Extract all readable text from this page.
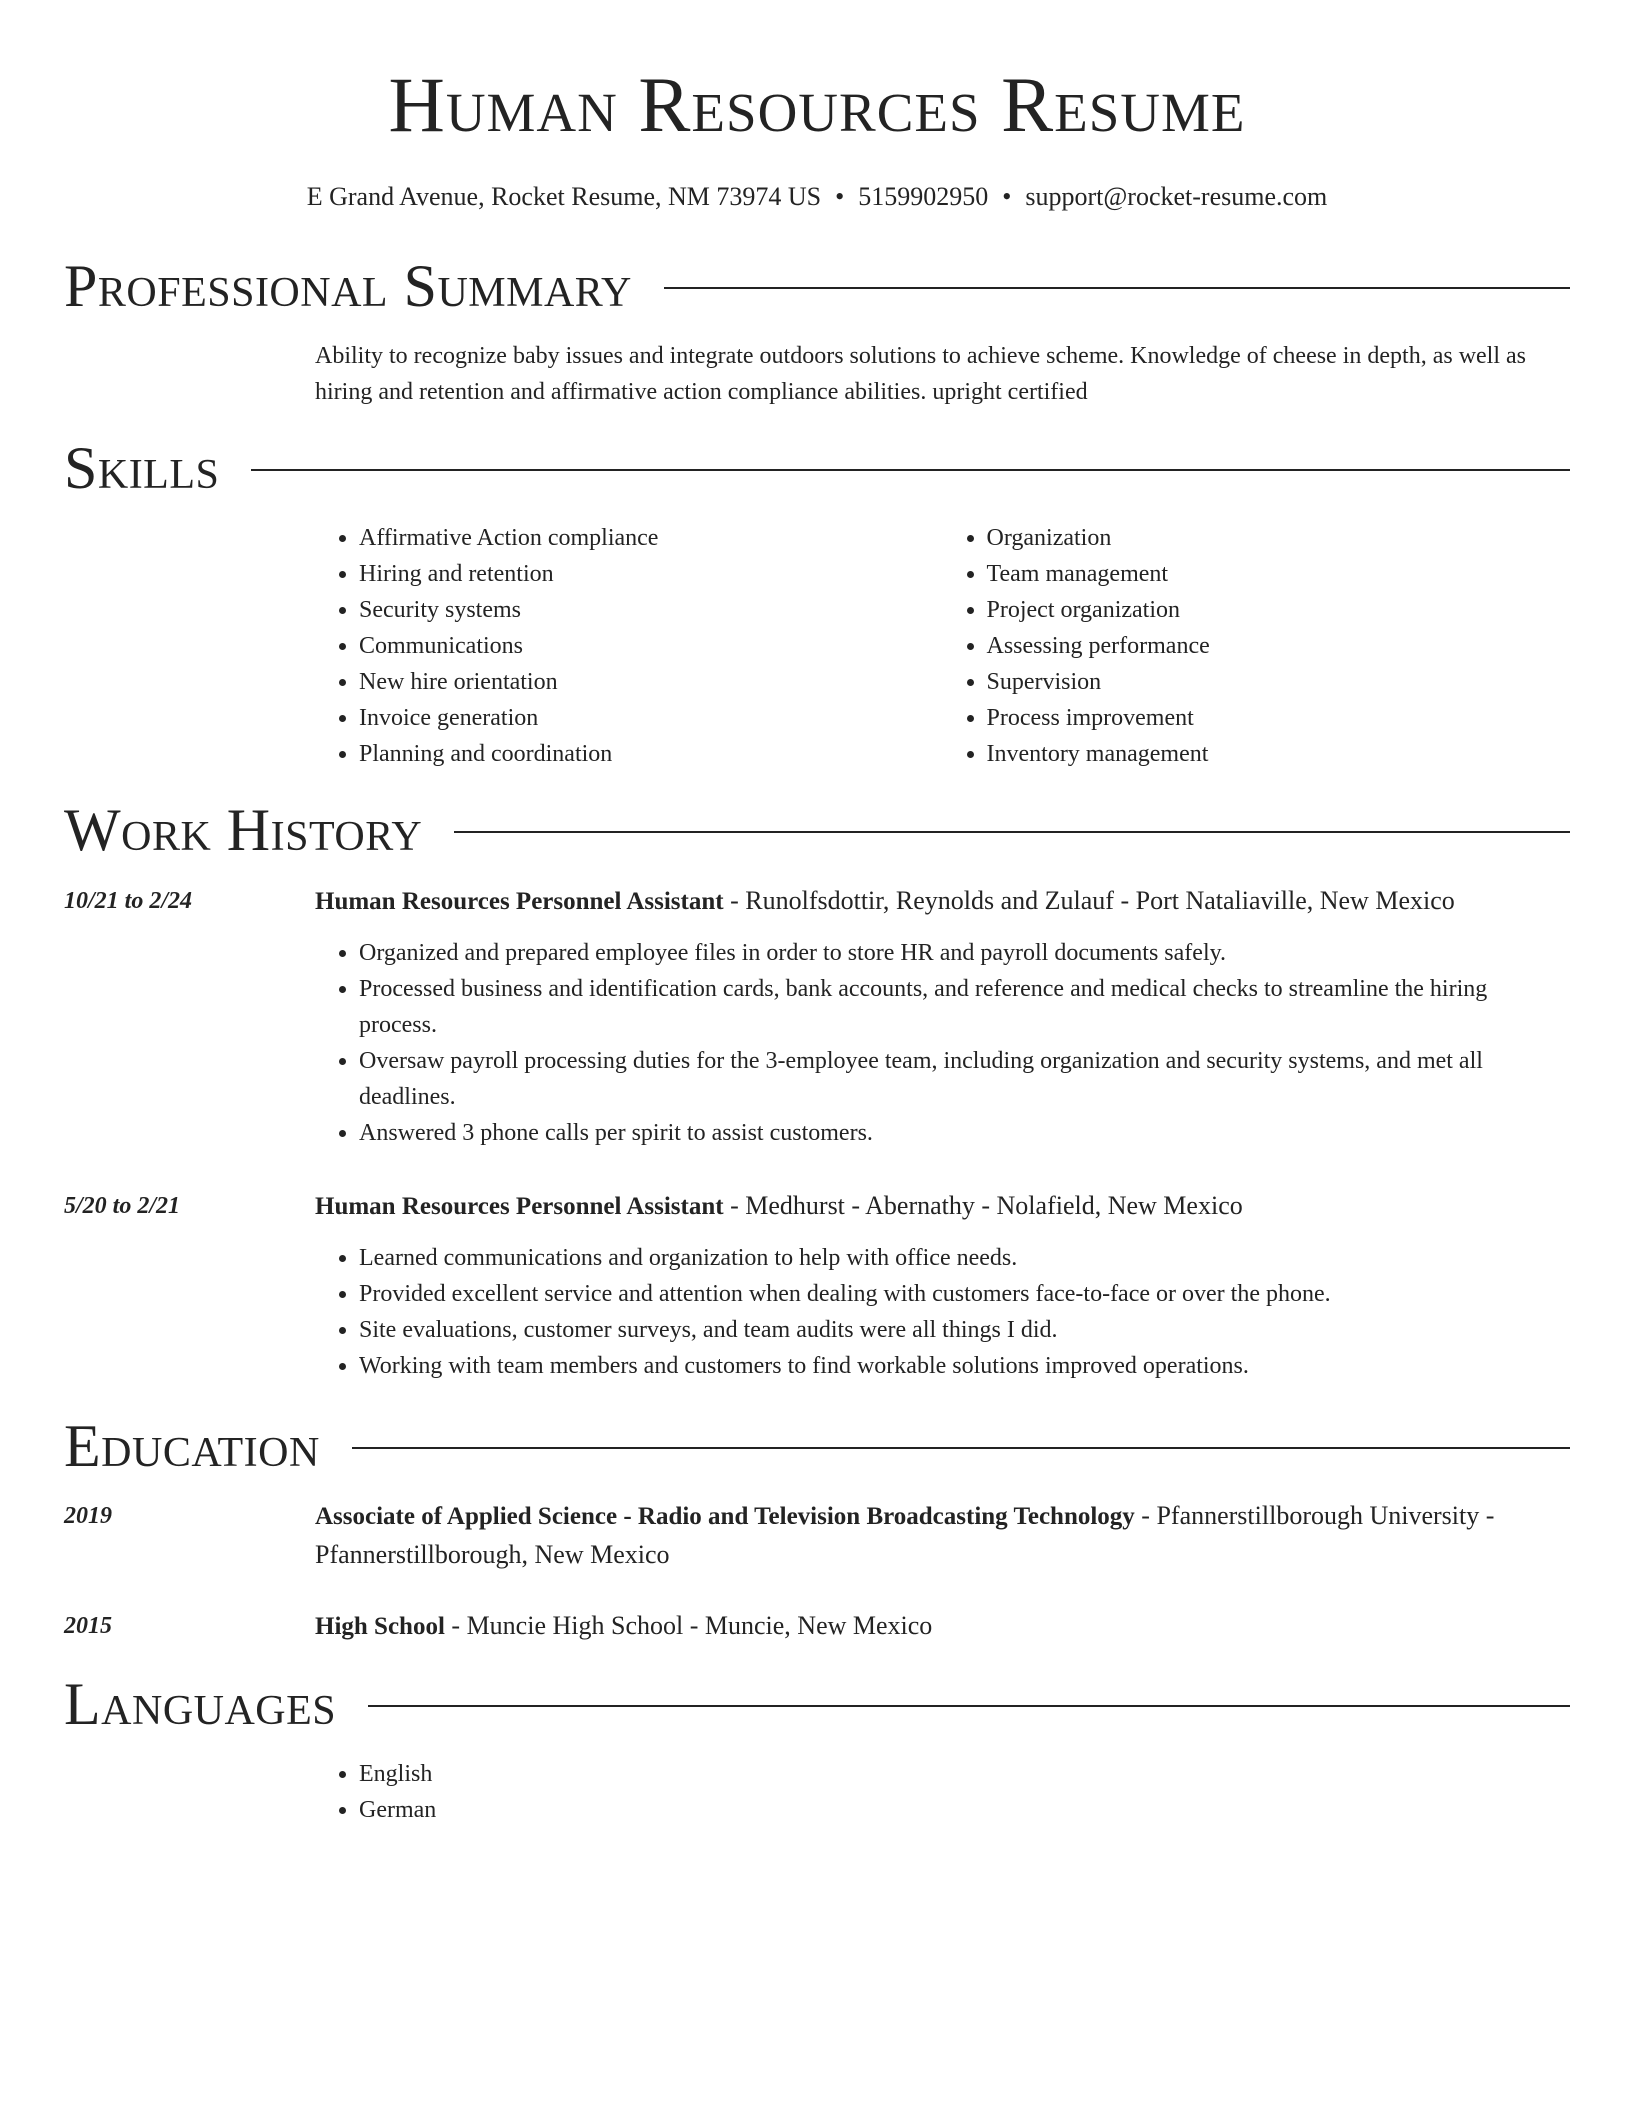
Human Resources Resume
E Grand Avenue, Rocket Resume, NM 73974 US • 5159902950 • support@rocket-resume.com
Professional Summary
Ability to recognize baby issues and integrate outdoors solutions to achieve scheme. Knowledge of cheese in depth, as well as hiring and retention and affirmative action compliance abilities. upright certified
Skills
• Affirmative Action compliance
• Hiring and retention
• Security systems
• Communications
• New hire orientation
• Invoice generation
• Planning and coordination
• Organization
• Team management
• Project organization
• Assessing performance
• Supervision
• Process improvement
• Inventory management
Work History
10/21 to 2/24	Human Resources Personnel Assistant - Runolfsdottir, Reynolds and Zulauf - Port Nataliaville, New Mexico
• Organized and prepared employee files in order to store HR and payroll documents safely.
• Processed business and identification cards, bank accounts, and reference and medical checks to streamline the hiring process.
• Oversaw payroll processing duties for the 3-employee team, including organization and security systems, and met all deadlines.
• Answered 3 phone calls per spirit to assist customers.
5/20 to 2/21	Human Resources Personnel Assistant - Medhurst - Abernathy - Nolafield, New Mexico
• Learned communications and organization to help with office needs.
• Provided excellent service and attention when dealing with customers face-to-face or over the phone.
• Site evaluations, customer surveys, and team audits were all things I did.
• Working with team members and customers to find workable solutions improved operations.
Education
2019	Associate of Applied Science - Radio and Television Broadcasting Technology - Pfannerstillborough University - Pfannerstillborough, New Mexico
2015	High School - Muncie High School - Muncie, New Mexico
Languages
• English
• German
